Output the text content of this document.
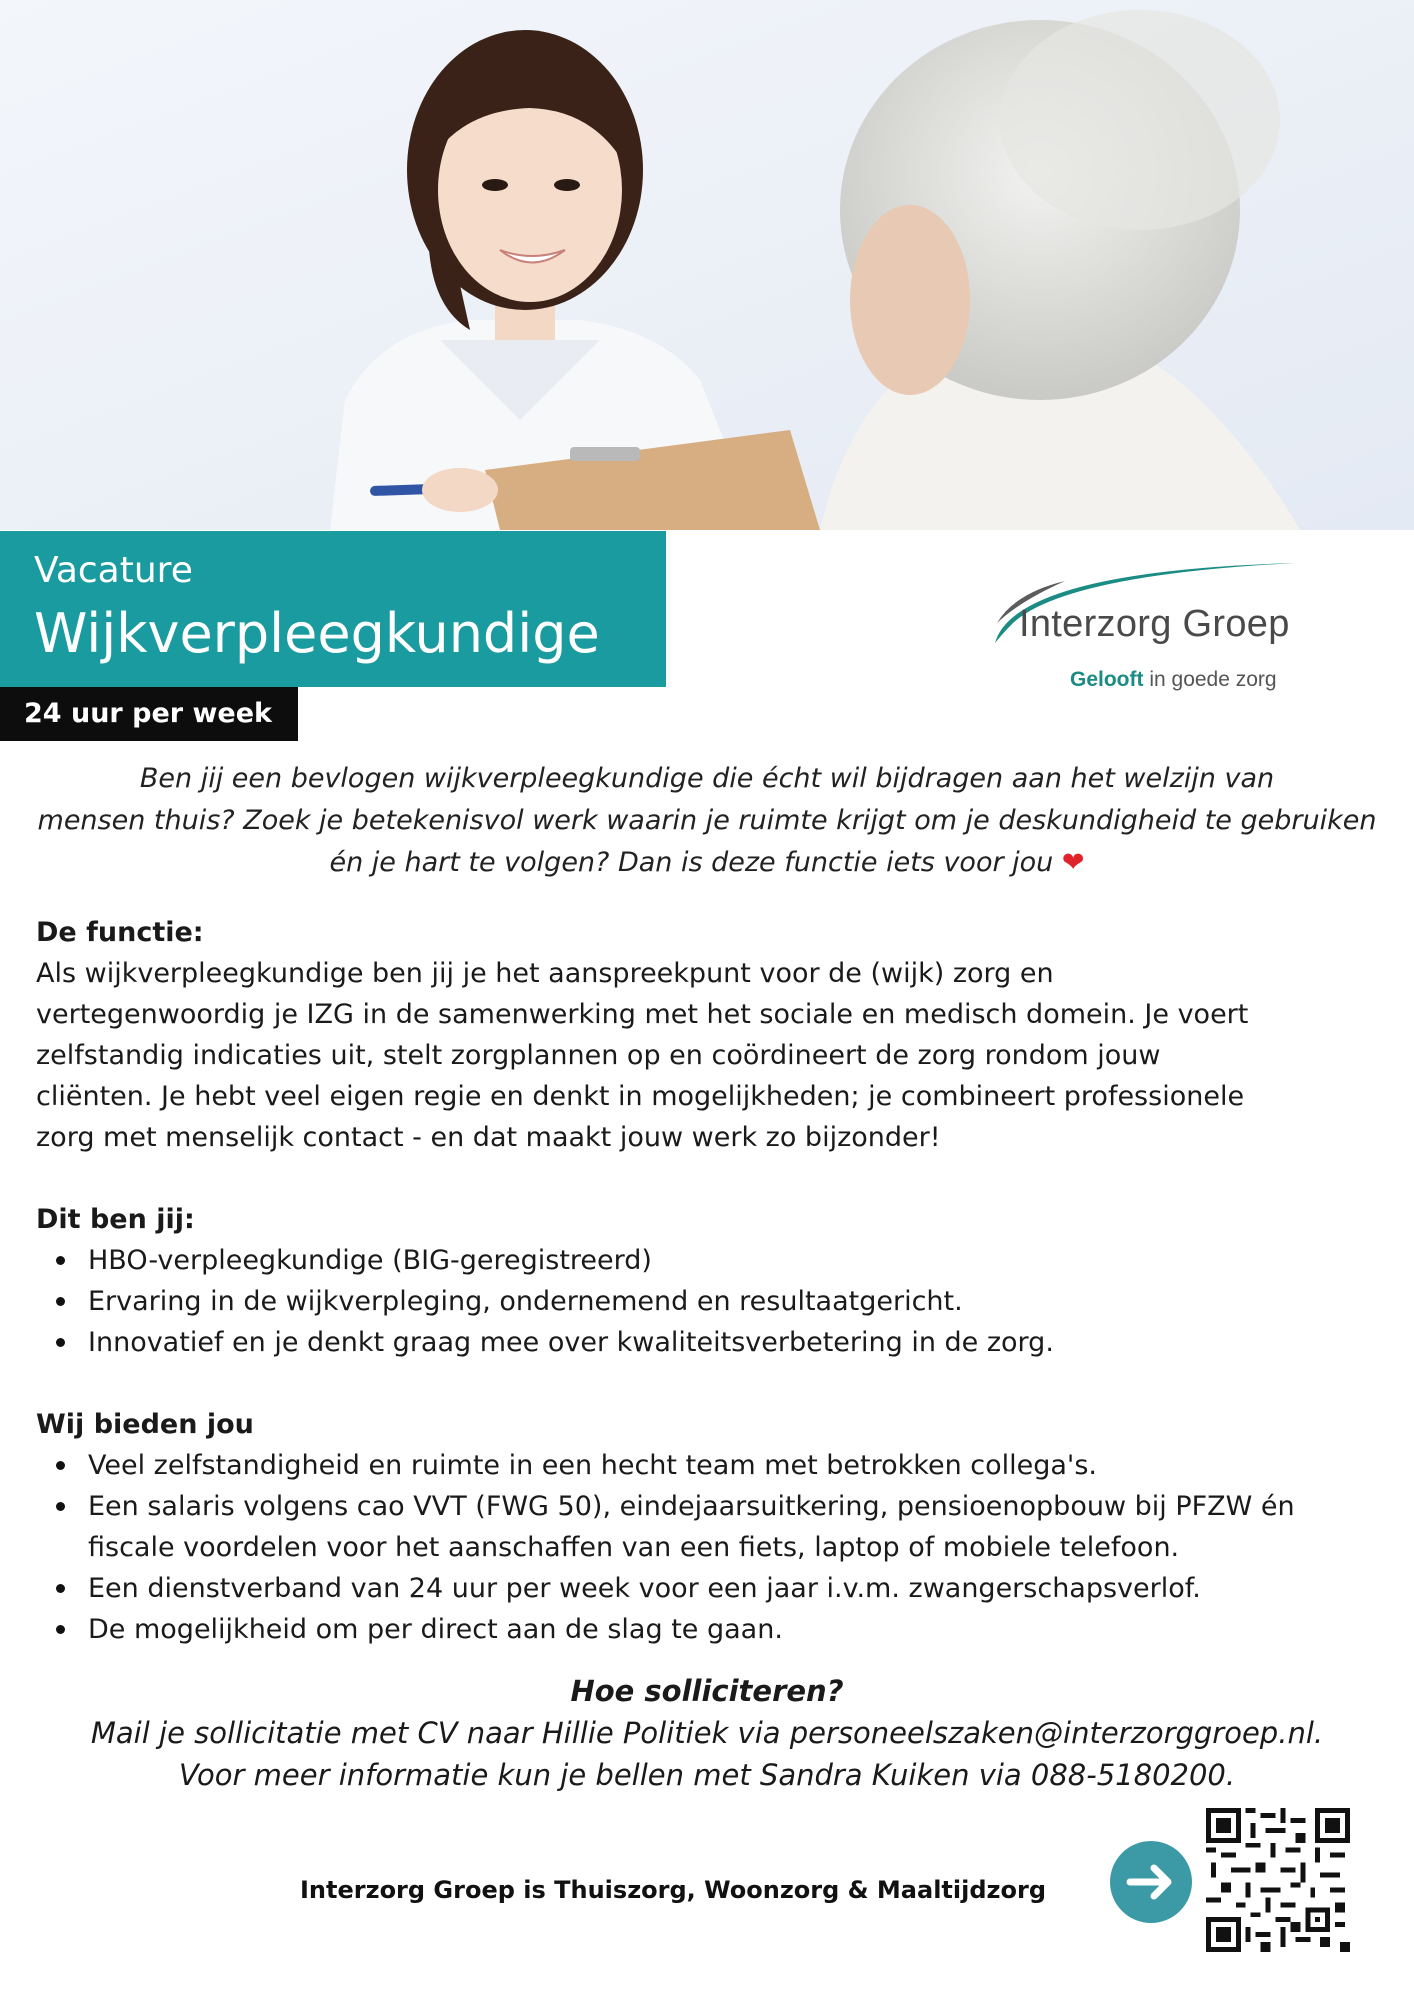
Vacature
Wijkverpleegkundige
24 uur per week
Interzorg Groep
Gelooft in goede zorg
Ben jij een bevlogen wijkverpleegkundige die écht wil bijdragen aan het welzijn van
mensen thuis? Zoek je betekenisvol werk waarin je ruimte krijgt om je deskundigheid te gebruiken
én je hart te volgen? Dan is deze functie iets voor jou ❤
De functie:
Als wijkverpleegkundige ben jij je het aanspreekpunt voor de (wijk) zorg en
vertegenwoordig je IZG in de samenwerking met het sociale en medisch domein. Je voert
zelfstandig indicaties uit, stelt zorgplannen op en coördineert de zorg rondom jouw
cliënten. Je hebt veel eigen regie en denkt in mogelijkheden; je combineert professionele
zorg met menselijk contact - en dat maakt jouw werk zo bijzonder!
Dit ben jij:
HBO-verpleegkundige (BIG-geregistreerd)
Ervaring in de wijkverpleging, ondernemend en resultaatgericht.
Innovatief en je denkt graag mee over kwaliteitsverbetering in de zorg.
Wij bieden jou
Veel zelfstandigheid en ruimte in een hecht team met betrokken collega's.
Een salaris volgens cao VVT (FWG 50), eindejaarsuitkering, pensioenopbouw bij PFZW én fiscale voordelen voor het aanschaffen van een fiets, laptop of mobiele telefoon.
Een dienstverband van 24 uur per week voor een jaar i.v.m. zwangerschapsverlof.
De mogelijkheid om per direct aan de slag te gaan.
Hoe solliciteren?
Mail je sollicitatie met CV naar Hillie Politiek via personeelszaken@interzorggroep.nl.
Voor meer informatie kun je bellen met Sandra Kuiken via 088-5180200.
Interzorg Groep is Thuiszorg, Woonzorg & Maaltijdzorg
